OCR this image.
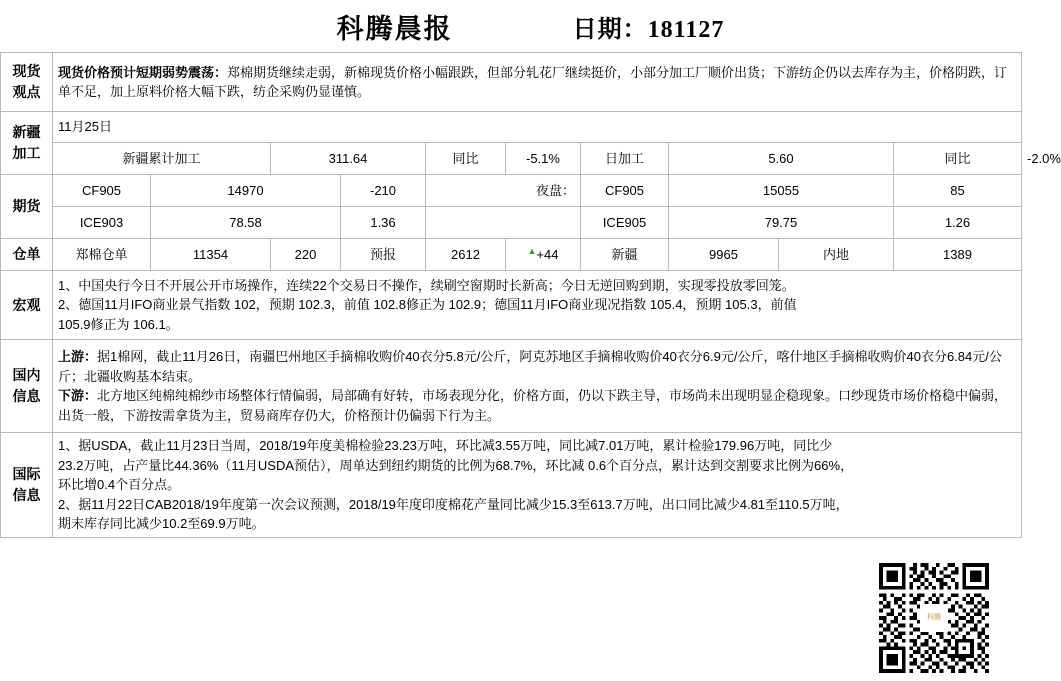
科腾晨报	日期：181127
现货
观点	现货价格预计短期弱势震荡：郑棉期货继续走弱，新棉现货价格小幅跟跌，但部分轧花厂继续挺价，小部分加工厂顺价出货；下游纺企仍以去库存为主，价格阴跌，订单不足，加上原料价格大幅下跌，纺企采购仍显谨慎。										

新疆
加工	11月25日										
	新疆累计加工		311.64		同比	-5.1%	日加工	5.60		同比	-2.0%
期货	CF905	14970		-210	夜盘：		CF905	15055		85	
	ICE903	78.58		1.36			ICE905	79.75		1.26	
仓单	郑棉仓单	11354	220	预报	2612	▲+44	新疆	9965	内地	1389	
宏观	1、中国央行今日不开展公开市场操作，连续22个交易日不操作，续刷空窗期时长新高；今日无逆回购到期，实现零投放零回笼。
2、德国11月IFO商业景气指数 102，预期 102.3，前值 102.8修正为 102.9；德国11月IFO商业现况指数 105.4，预期 105.3，前值
105.9修正为 106.1。										

国内
信息

上游：据1棉网，截止11月26日，南疆巴州地区手摘棉收购价40衣分5.8元/公斤，阿克苏地区手摘棉收购价40衣分6.9元/公斤，喀什地区手摘棉收购价40衣分6.84元/公斤；北疆收购基本结束。
下游：北方地区纯棉纯棉纱市场整体行情偏弱，局部确有好转，市场表现分化，价格方面，仍以下跌主导，市场尚未出现明显企稳现象。口纱现货市场价格稳中偏弱，出货一般，下游按需拿货为主，贸易商库存仍大，价格预计仍偏弱下行为主。

国际
信息

1、据USDA，截止11月23日当周，2018/19年度美棉检验23.23万吨，环比减3.55万吨，同比减7.01万吨，累计检验179.96万吨，同比少
23.2万吨，占产量比44.36%（11月USDA预估），周单达到纽约期货的比例为68.7%，环比减 0.6个百分点，累计达到交割要求比例为66%，
环比增0.4个百分点。
2、据11月22日CAB2018/19年度第一次会议预测，2018/19年度印度棉花产量同比减少15.3至613.7万吨，出口同比减少4.81至110.5万吨，
期末库存同比减少10.2至69.9万吨。
科腾
